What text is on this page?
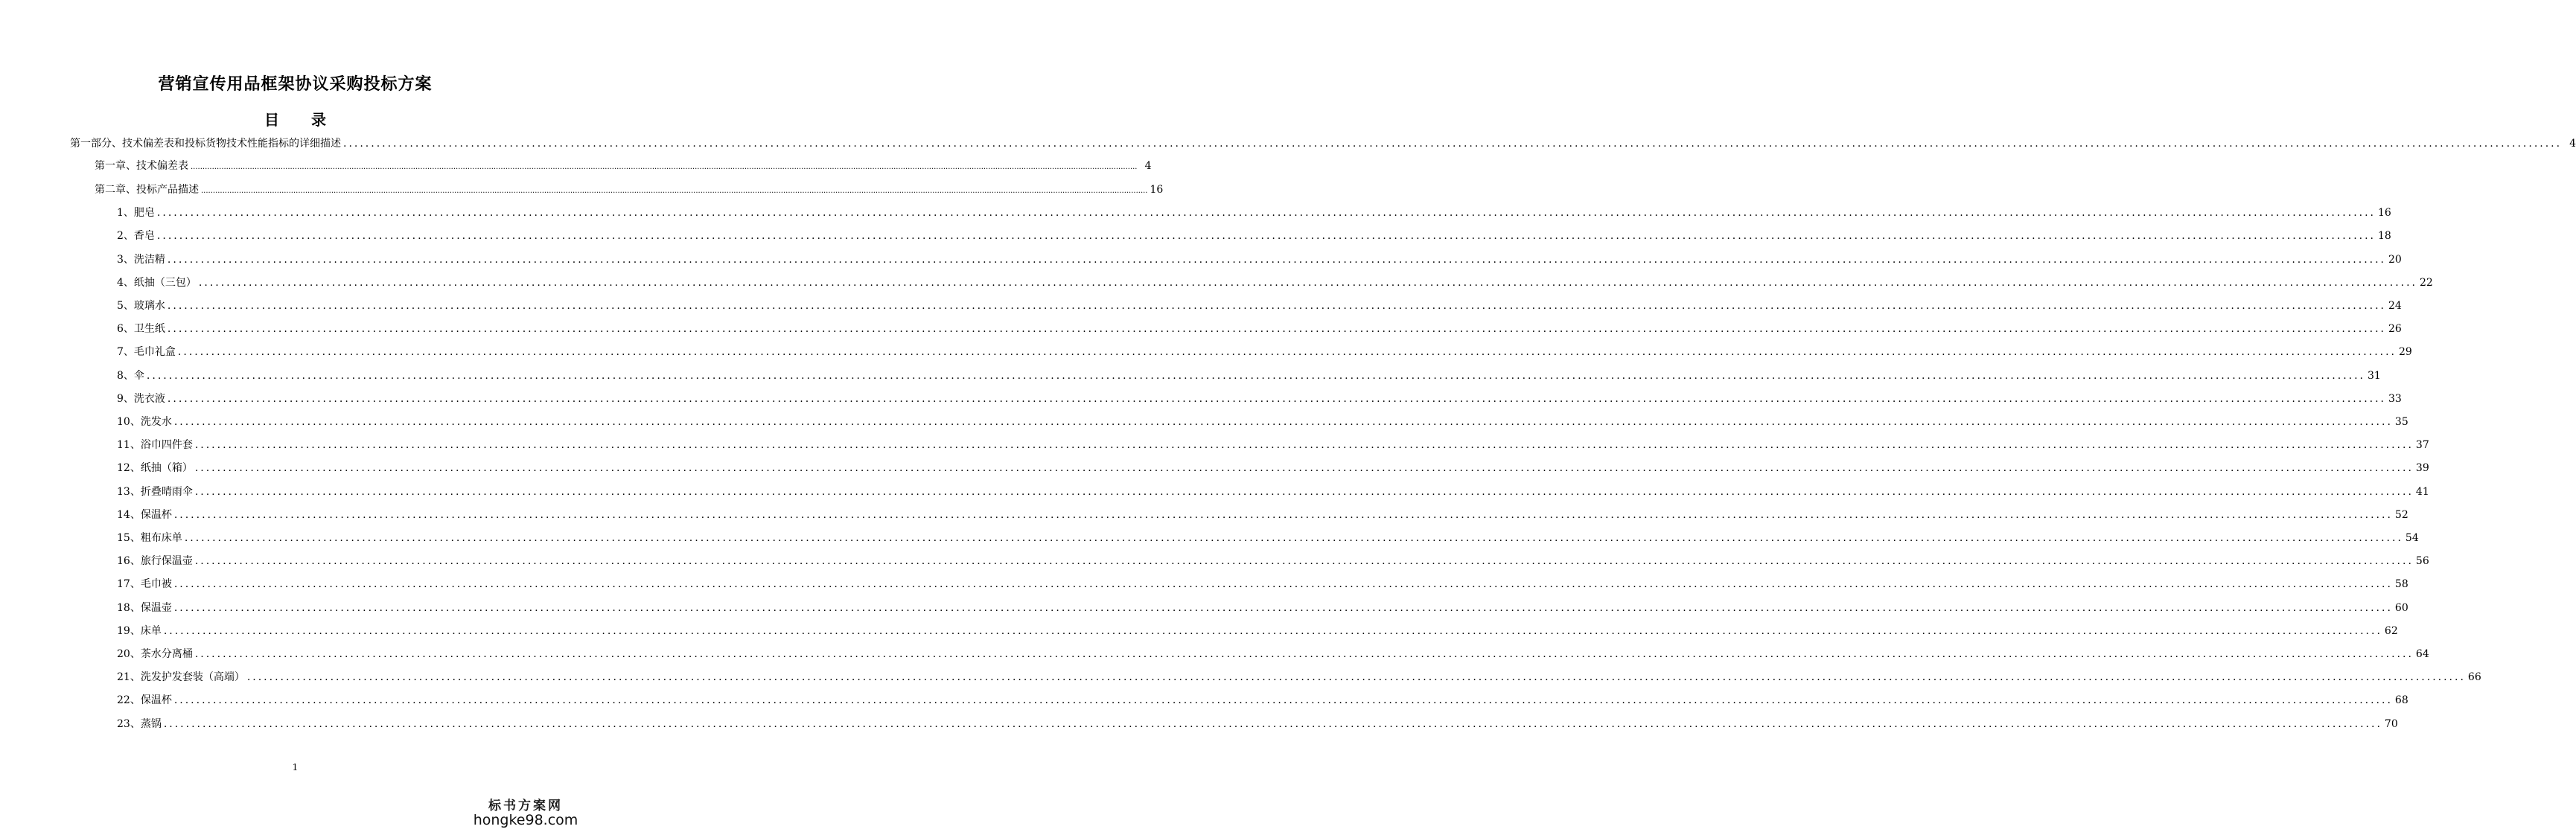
营销宣传用品框架协议采购投标方案
目 录
第一部分、技术偏差表和投标货物技术性能指标的详细描述 ................................................................................................................................................................................................................................................................................................................................................................................................................ 4
第一章、技术偏差表 ................................................................................................................................................................................................................................................................................................................................................................................................................ 4
第二章、投标产品描述 ................................................................................................................................................................................................................................................................................................................................................................................................................ 16
1、肥皂 ................................................................................................................................................................................................................................................................................................................................................................................................................ 16
2、香皂 ................................................................................................................................................................................................................................................................................................................................................................................................................ 18
3、洗洁精 ................................................................................................................................................................................................................................................................................................................................................................................................................ 20
4、纸抽（三包） ................................................................................................................................................................................................................................................................................................................................................................................................................ 22
5、玻璃水 ................................................................................................................................................................................................................................................................................................................................................................................................................ 24
6、卫生纸 ................................................................................................................................................................................................................................................................................................................................................................................................................ 26
7、毛巾礼盒 ................................................................................................................................................................................................................................................................................................................................................................................................................ 29
8、伞 ................................................................................................................................................................................................................................................................................................................................................................................................................ 31
9、洗衣液 ................................................................................................................................................................................................................................................................................................................................................................................................................ 33
10、洗发水 ................................................................................................................................................................................................................................................................................................................................................................................................................ 35
11、浴巾四件套 ................................................................................................................................................................................................................................................................................................................................................................................................................ 37
12、纸抽（箱） ................................................................................................................................................................................................................................................................................................................................................................................................................ 39
13、折叠晴雨伞 ................................................................................................................................................................................................................................................................................................................................................................................................................ 41
14、保温杯 ................................................................................................................................................................................................................................................................................................................................................................................................................ 52
15、粗布床单 ................................................................................................................................................................................................................................................................................................................................................................................................................ 54
16、旅行保温壶 ................................................................................................................................................................................................................................................................................................................................................................................................................ 56
17、毛巾被 ................................................................................................................................................................................................................................................................................................................................................................................................................ 58
18、保温壶 ................................................................................................................................................................................................................................................................................................................................................................................................................ 60
19、床单 ................................................................................................................................................................................................................................................................................................................................................................................................................ 62
20、茶水分离桶 ................................................................................................................................................................................................................................................................................................................................................................................................................ 64
21、洗发护发套装（高端） ................................................................................................................................................................................................................................................................................................................................................................................................................ 66
22、保温杯 ................................................................................................................................................................................................................................................................................................................................................................................................................ 68
23、蒸锅 ................................................................................................................................................................................................................................................................................................................................................................................................................ 70
1
标书方案网
hongke98.com
